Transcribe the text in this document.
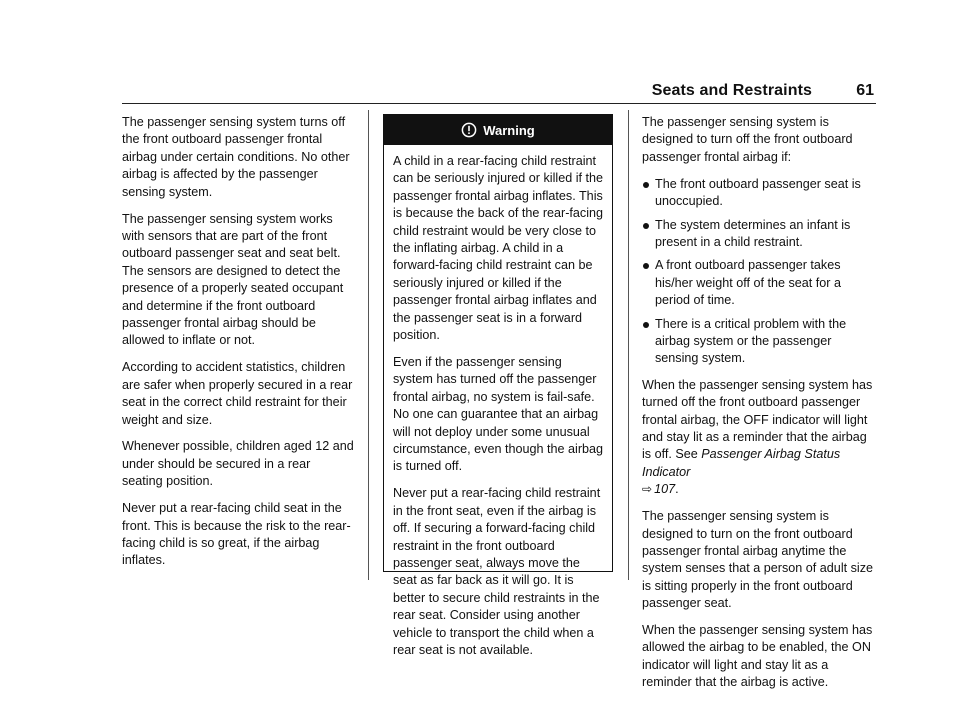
Seats and Restraints	61

The passenger sensing system turns off the front outboard passenger frontal airbag under certain conditions. No other airbag is affected by the passenger sensing system.

The passenger sensing system works with sensors that are part of the front outboard passenger seat and seat belt. The sensors are designed to detect the presence of a properly seated occupant and determine if the front outboard passenger frontal airbag should be allowed to inflate or not.

According to accident statistics, children are safer when properly secured in a rear seat in the correct child restraint for their weight and size.

Whenever possible, children aged 12 and under should be secured in a rear seating position.

Never put a rear-facing child seat in the front. This is because the risk to the rear-facing child is so great, if the airbag inflates.

Warning

A child in a rear-facing child restraint can be seriously injured or killed if the passenger frontal airbag inflates. This is because the back of the rear-facing child restraint would be very close to the inflating airbag. A child in a forward-facing child restraint can be seriously injured or killed if the passenger frontal airbag inflates and the passenger seat is in a forward position.

Even if the passenger sensing system has turned off the passenger frontal airbag, no system is fail-safe. No one can guarantee that an airbag will not deploy under some unusual circumstance, even though the airbag is turned off.

Never put a rear-facing child restraint in the front seat, even if the airbag is off. If securing a forward-facing child restraint in the front outboard passenger seat, always move the seat as far back as it will go. It is better to secure child restraints in the rear seat. Consider using another vehicle to transport the child when a rear seat is not available.

The passenger sensing system is designed to turn off the front outboard passenger frontal airbag if:

The front outboard passenger seat is unoccupied.
The system determines an infant is present in a child restraint.
A front outboard passenger takes his/her weight off of the seat for a period of time.
There is a critical problem with the airbag system or the passenger sensing system.

When the passenger sensing system has turned off the front outboard passenger frontal airbag, the OFF indicator will light and stay lit as a reminder that the airbag is off. See Passenger Airbag Status Indicator
⇨ 107.

The passenger sensing system is designed to turn on the front outboard passenger frontal airbag anytime the system senses that a person of adult size is sitting properly in the front outboard passenger seat.

When the passenger sensing system has allowed the airbag to be enabled, the ON indicator will light and stay lit as a reminder that the airbag is active.
